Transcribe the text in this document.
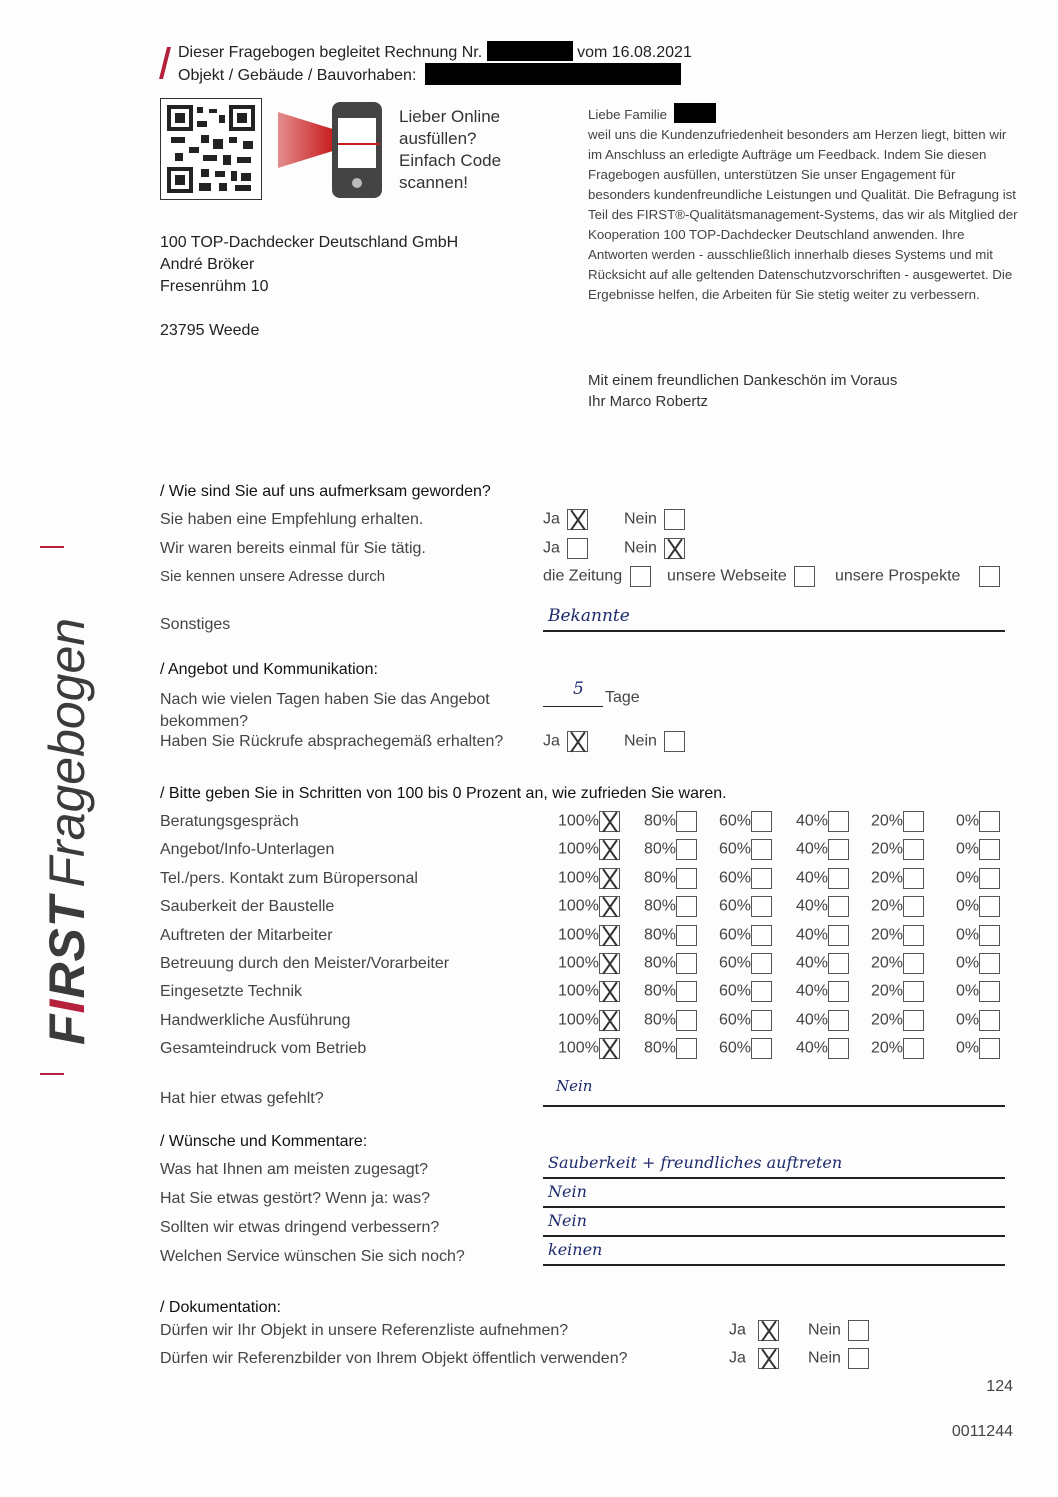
Dieser Fragebogen begleitet Rechnung Nr.	vom 16.08.2021
Objekt / Gebäude / Bauvorhaben:
Lieber Online
ausfüllen?
Einfach Code
scannen!
100 TOP-Dachdecker Deutschland GmbH
André Bröker
Fresenrühm 10
23795 Weede

Liebe Familie

weil uns die Kundenzufriedenheit besonders am Herzen liegt, bitten wir im Anschluss an erledigte Aufträge um Feedback. Indem Sie diesen Fragebogen ausfüllen, unterstützen Sie unser Engagement für besonders kundenfreundliche Leistungen und Qualität. Die Befragung ist Teil des FIRST®-Qualitätsmanagement-Systems, das wir als Mitglied der Kooperation 100 TOP-Dachdecker Deutschland anwenden. Ihre Antworten werden - ausschließlich innerhalb dieses Systems und mit Rücksicht auf alle geltenden Datenschutzvorschriften - ausgewertet. Die Ergebnisse helfen, die Arbeiten für Sie stetig weiter zu verbessern.

Mit einem freundlichen Dankeschön im Voraus
Ihr Marco Robertz
FIRSTFragebogen
/ Wie sind Sie auf uns aufmerksam geworden?
Sie haben eine Empfehlung erhalten.	Ja	Nein
Wir waren bereits einmal für Sie tätig.	Ja	Nein
Sie kennen unsere Adresse durch	die Zeitung	unsere Webseite	unsere Prospekte
Sonstiges	Bekannte
/ Angebot und Kommunikation:
Nach wie vielen Tagen haben Sie das Angebot bekommen?
5 Tage
Haben Sie Rückrufe absprachegemäß erhalten? Ja	Nein
/ Bitte geben Sie in Schritten von 100 bis 0 Prozent an, wie zufrieden Sie waren.
Beratungsgespräch	100%	80%	60%	40%	20%	0%
Angebot/Info-Unterlagen	100%	80%	60%	40%	20%	0%
Tel./pers. Kontakt zum Büropersonal	100%	80%	60%	40%	20%	0%
Sauberkeit der Baustelle	100%	80%	60%	40%	20%	0%
Auftreten der Mitarbeiter	100%	80%	60%	40%	20%	0%
Betreuung durch den Meister/Vorarbeiter	100%	80%	60%	40%	20%	0%
Eingesetzte Technik	100%	80%	60%	40%	20%	0%
Handwerkliche Ausführung	100%	80%	60%	40%	20%	0%
Gesamteindruck vom Betrieb	100%	80%	60%	40%	20%	0%
Hat hier etwas gefehlt?
Nein
/ Wünsche und Kommentare:
Was hat Ihnen am meisten zugesagt?	Sauberkeit + freundliches auftreten
Hat Sie etwas gestört? Wenn ja: was?	Nein
Sollten wir etwas dringend verbessern?	Nein
Welchen Service wünschen Sie sich noch?	keinen
/ Dokumentation:
Dürfen wir Ihr Objekt in unsere Referenzliste aufnehmen?	Ja	Nein
Dürfen wir Referenzbilder von Ihrem Objekt öffentlich verwenden?	Ja	Nein
124
0011244
